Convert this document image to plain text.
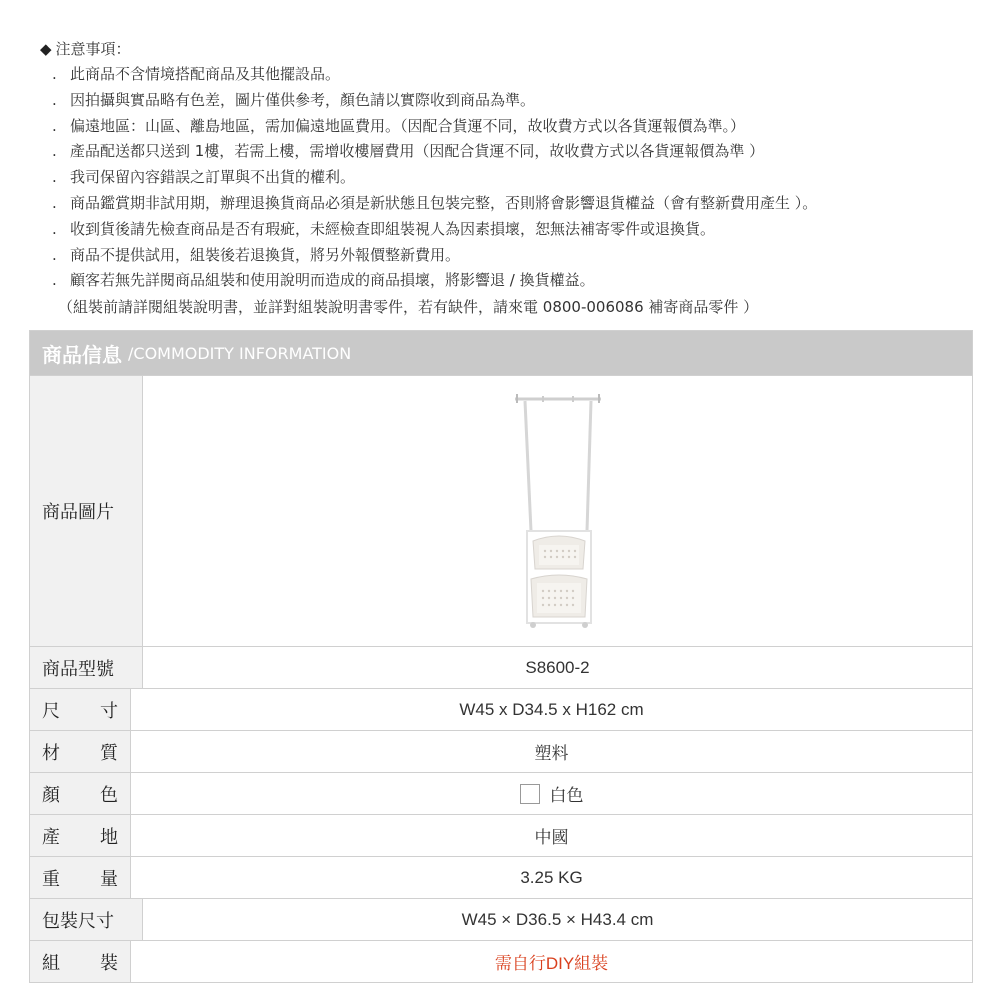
◆ 注意事項：
. 此商品不含情境搭配商品及其他擺設品。
. 因拍攝與實品略有色差，圖片僅供參考，顏色請以實際收到商品為準。
. 偏遠地區：山區、離島地區，需加偏遠地區費用。（因配合貨運不同，故收費方式以各貨運報價為準。）
. 產品配送都只送到 1樓，若需上樓，需增收樓層費用（因配合貨運不同，故收費方式以各貨運報價為準 ）
. 我司保留內容錯誤之訂單與不出貨的權利。
. 商品鑑賞期非試用期，辦理退換貨商品必須是新狀態且包裝完整，否則將會影響退貨權益（會有整新費用產生 ）。
. 收到貨後請先檢查商品是否有瑕疵，未經檢查即組裝視人為因素損壞，恕無法補寄零件或退換貨。
. 商品不提供試用，組裝後若退換貨，將另外報價整新費用。
. 顧客若無先詳閱商品組裝和使用說明而造成的商品損壞，將影響退 / 換貨權益。
（組裝前請詳閱組裝說明書，並詳對組裝說明書零件，若有缺件，請來電 0800-006086 補寄商品零件 ）
商品信息 /COMMODITY INFORMATION
商品圖片
商品型號	S8600-2
尺 寸	W45 x D34.5 x H162 cm
材 質	塑料
顏 色	白色
產 地	中國
重 量	3.25 KG
包裝尺寸	W45 × D36.5 × H43.4 cm
組 裝	需自行DIY組裝
